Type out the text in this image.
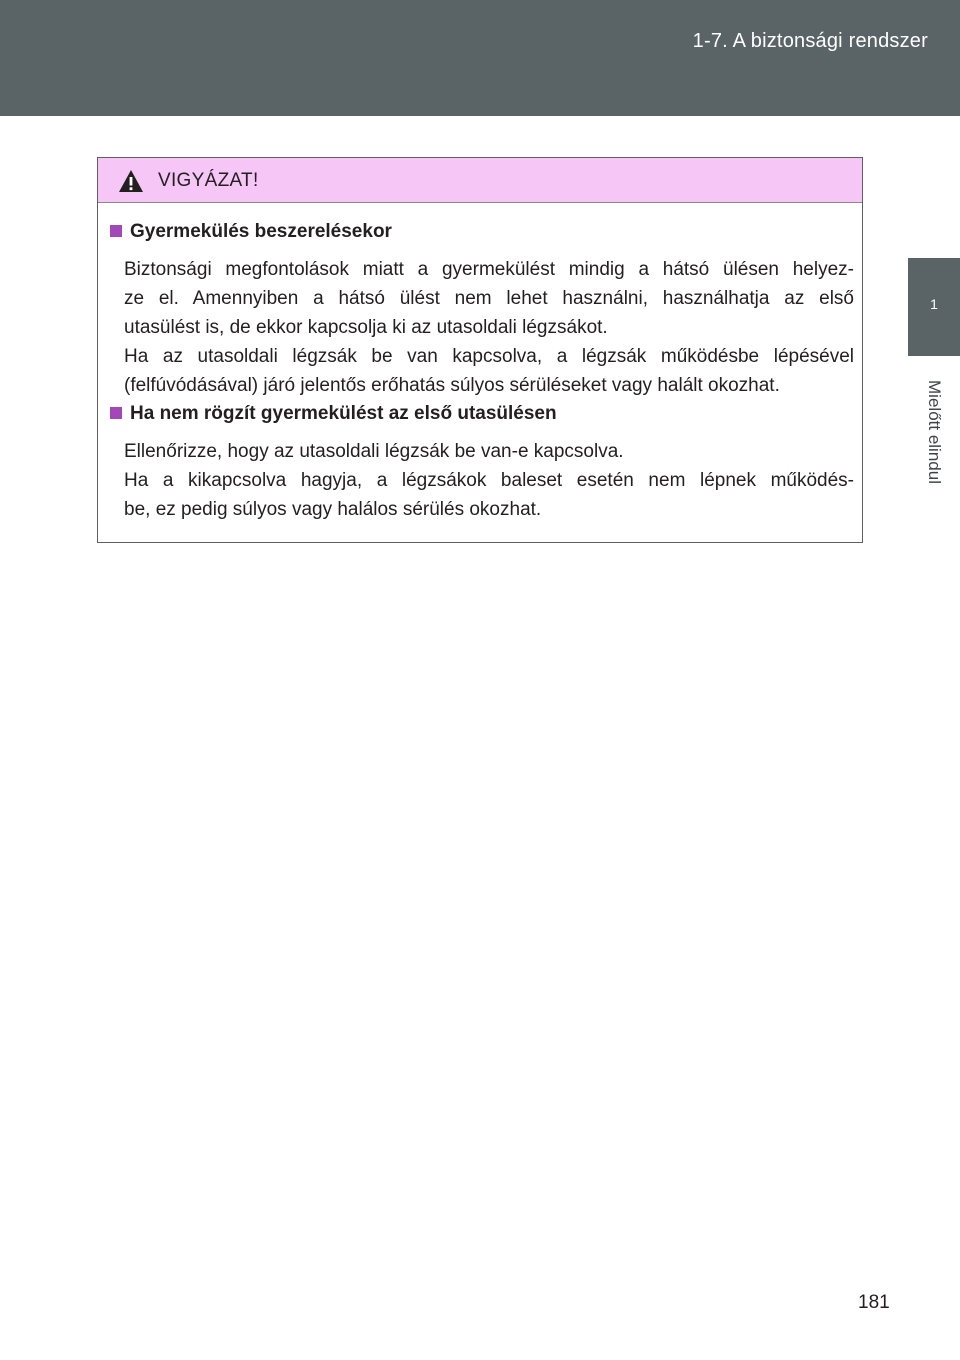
1-7. A biztonsági rendszer
1
Mielőtt elindul
VIGYÁZAT!
Gyermekülés beszerelésekor
Biztonsági megfontolások miatt a gyermekülést mindig a hátsó ülésen helyez-
ze el. Amennyiben a hátsó ülést nem lehet használni, használhatja az első
utasülést is, de ekkor kapcsolja ki az utasoldali légzsákot.
Ha az utasoldali légzsák be van kapcsolva, a légzsák működésbe lépésével
(felfúvódásával) járó jelentős erőhatás súlyos sérüléseket vagy halált okozhat.
Ha nem rögzít gyermekülést az első utasülésen
Ellenőrizze, hogy az utasoldali légzsák be van-e kapcsolva.
Ha a kikapcsolva hagyja, a légzsákok baleset esetén nem lépnek működés-
be, ez pedig súlyos vagy halálos sérülés okozhat.
181
